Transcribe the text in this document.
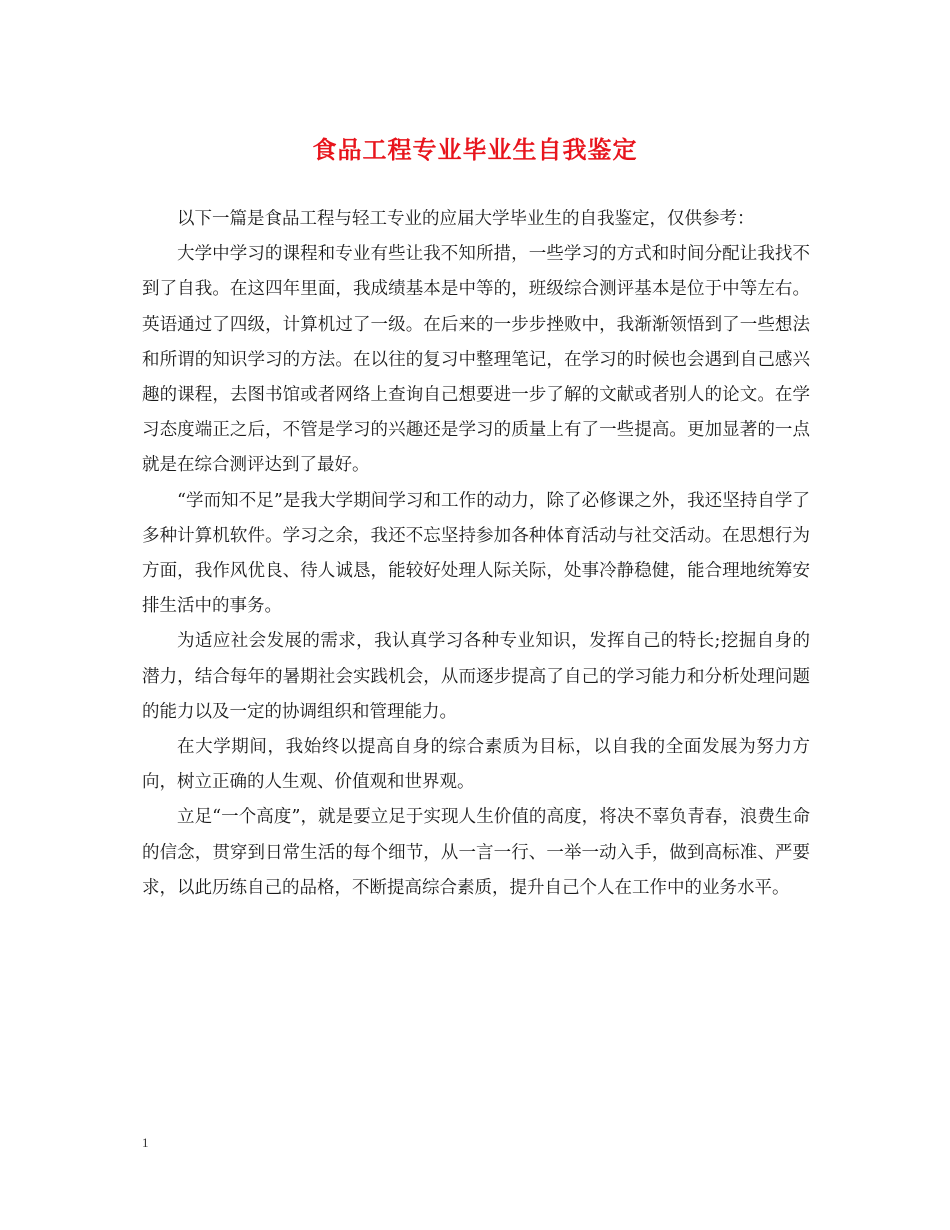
食品工程专业毕业生自我鉴定

以下一篇是食品工程与轻工专业的应届大学毕业生的自我鉴定，仅供参考：

大学中学习的课程和专业有些让我不知所措，一些学习的方式和时间分配让我找不到了自我。在这四年里面，我成绩基本是中等的，班级综合测评基本是位于中等左右。英语通过了四级，计算机过了一级。在后来的一步步挫败中，我渐渐领悟到了一些想法和所谓的知识学习的方法。在以往的复习中整理笔记，在学习的时候也会遇到自己感兴趣的课程，去图书馆或者网络上查询自己想要进一步了解的文献或者别人的论文。在学习态度端正之后，不管是学习的兴趣还是学习的质量上有了一些提高。更加显著的一点就是在综合测评达到了最好。

“学而知不足”是我大学期间学习和工作的动力，除了必修课之外，我还坚持自学了多种计算机软件。学习之余，我还不忘坚持参加各种体育活动与社交活动。在思想行为方面，我作风优良、待人诚恳，能较好处理人际关际，处事冷静稳健，能合理地统筹安排生活中的事务。

为适应社会发展的需求，我认真学习各种专业知识，发挥自己的特长;挖掘自身的潜力，结合每年的暑期社会实践机会，从而逐步提高了自己的学习能力和分析处理问题的能力以及一定的协调组织和管理能力。

在大学期间，我始终以提高自身的综合素质为目标，以自我的全面发展为努力方向，树立正确的人生观、价值观和世界观。

立足“一个高度”，就是要立足于实现人生价值的高度，将决不辜负青春，浪费生命的信念，贯穿到日常生活的每个细节，从一言一行、一举一动入手，做到高标准、严要求，以此历练自己的品格，不断提高综合素质，提升自己个人在工作中的业务水平。

1
